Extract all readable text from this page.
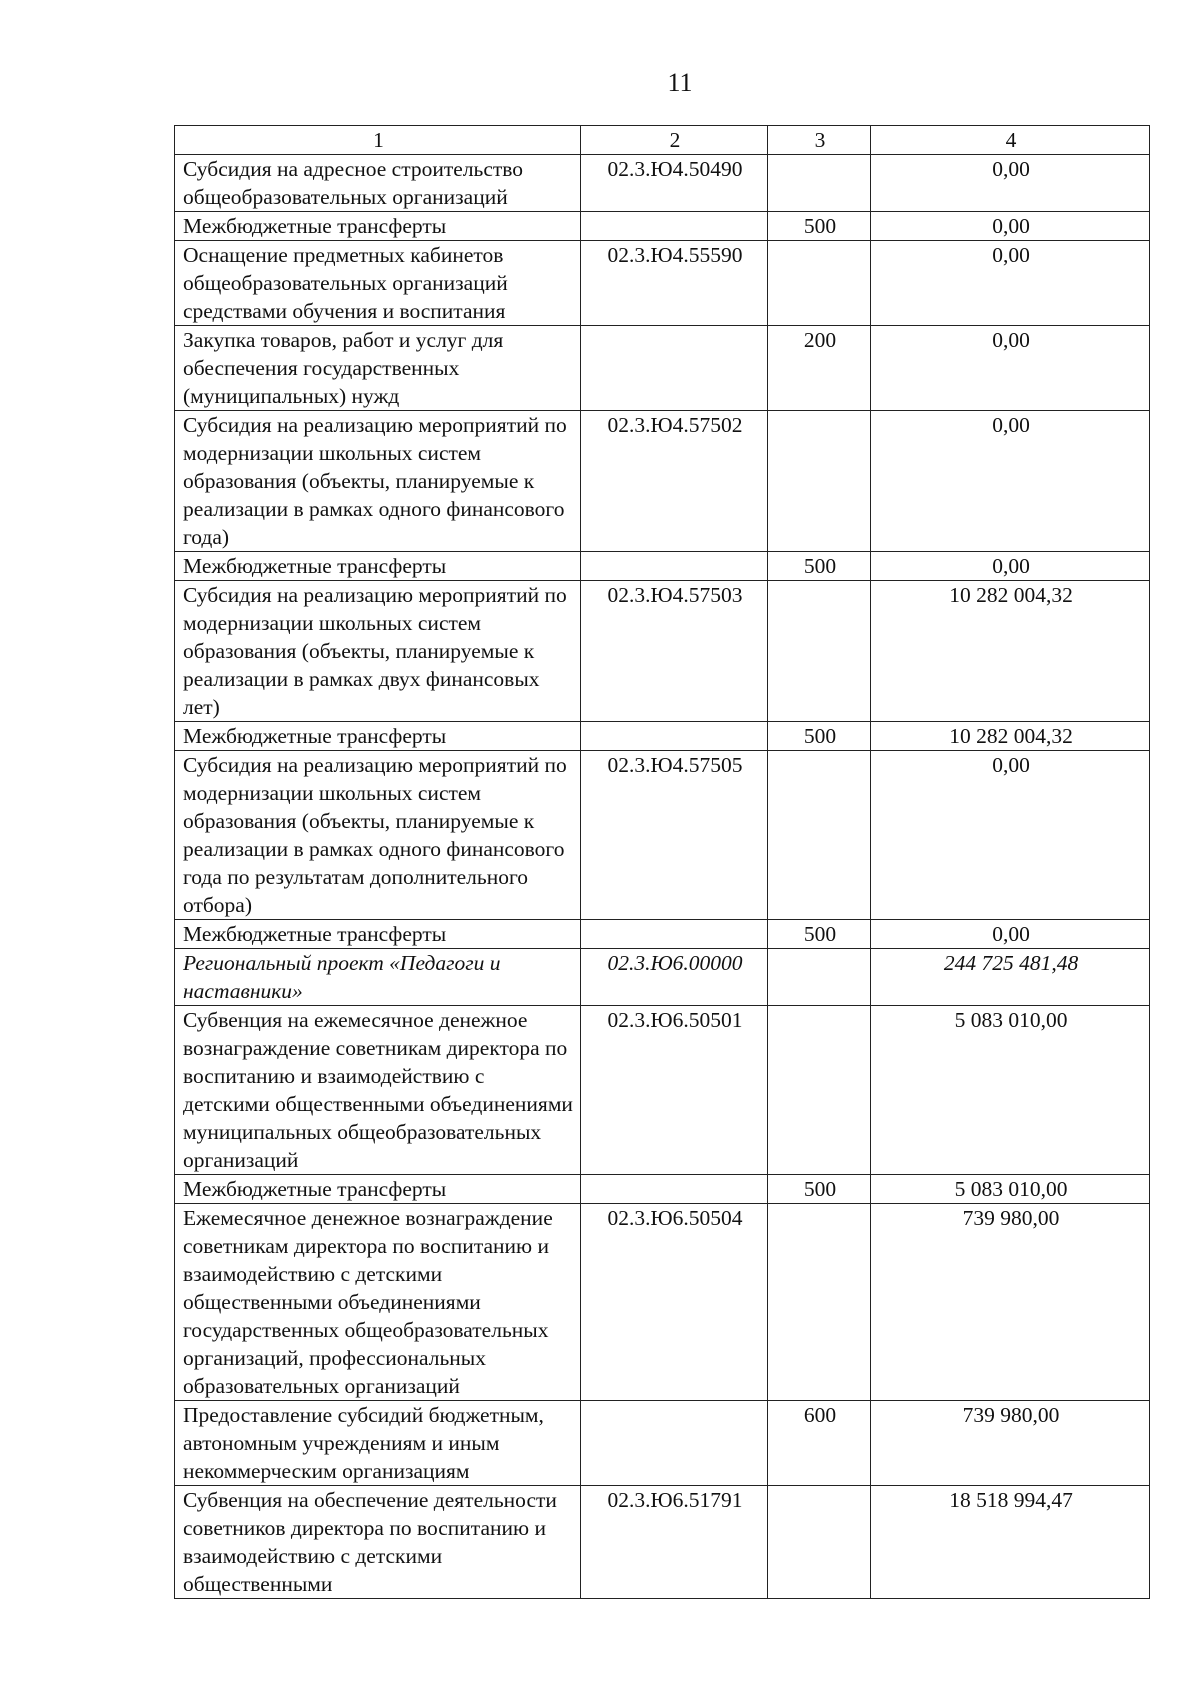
11
1	2	3	4
Субсидия на адресное строительство общеобразовательных организаций	02.3.Ю4.50490		0,00
Межбюджетные трансферты		500	0,00
Оснащение предметных кабинетов общеобразовательных организаций средствами обучения и воспитания	02.3.Ю4.55590		0,00
Закупка товаров, работ и услуг для обеспечения государственных (муниципальных) нужд		200	0,00
Субсидия на реализацию мероприятий по модернизации школьных систем образования (объекты, планируемые к реализации в рамках одного финансового года)	02.3.Ю4.57502		0,00
Межбюджетные трансферты		500	0,00
Субсидия на реализацию мероприятий по модернизации школьных систем образования (объекты, планируемые к реализации в рамках двух финансовых лет)	02.3.Ю4.57503		10 282 004,32
Межбюджетные трансферты		500	10 282 004,32
Субсидия на реализацию мероприятий по модернизации школьных систем образования (объекты, планируемые к реализации в рамках одного финансового года по результатам дополнительного отбора)	02.3.Ю4.57505		0,00
Межбюджетные трансферты		500	0,00
Региональный проект «Педагоги и наставники»	02.3.Ю6.00000		244 725 481,48
Субвенция на ежемесячное денежное вознаграждение советникам директора по воспитанию и взаимодействию с детскими общественными объединениями муниципальных общеобразовательных организаций	02.3.Ю6.50501		5 083 010,00
Межбюджетные трансферты		500	5 083 010,00
Ежемесячное денежное вознаграждение советникам директора по воспитанию и взаимодействию с детскими общественными объединениями государственных общеобразовательных организаций, профессиональных образовательных организаций	02.3.Ю6.50504		739 980,00
Предоставление субсидий бюджетным, автономным учреждениям и иным некоммерческим организациям		600	739 980,00
Субвенция на обеспечение деятельности советников директора по воспитанию и взаимодействию с детскими общественными	02.3.Ю6.51791		18 518 994,47
